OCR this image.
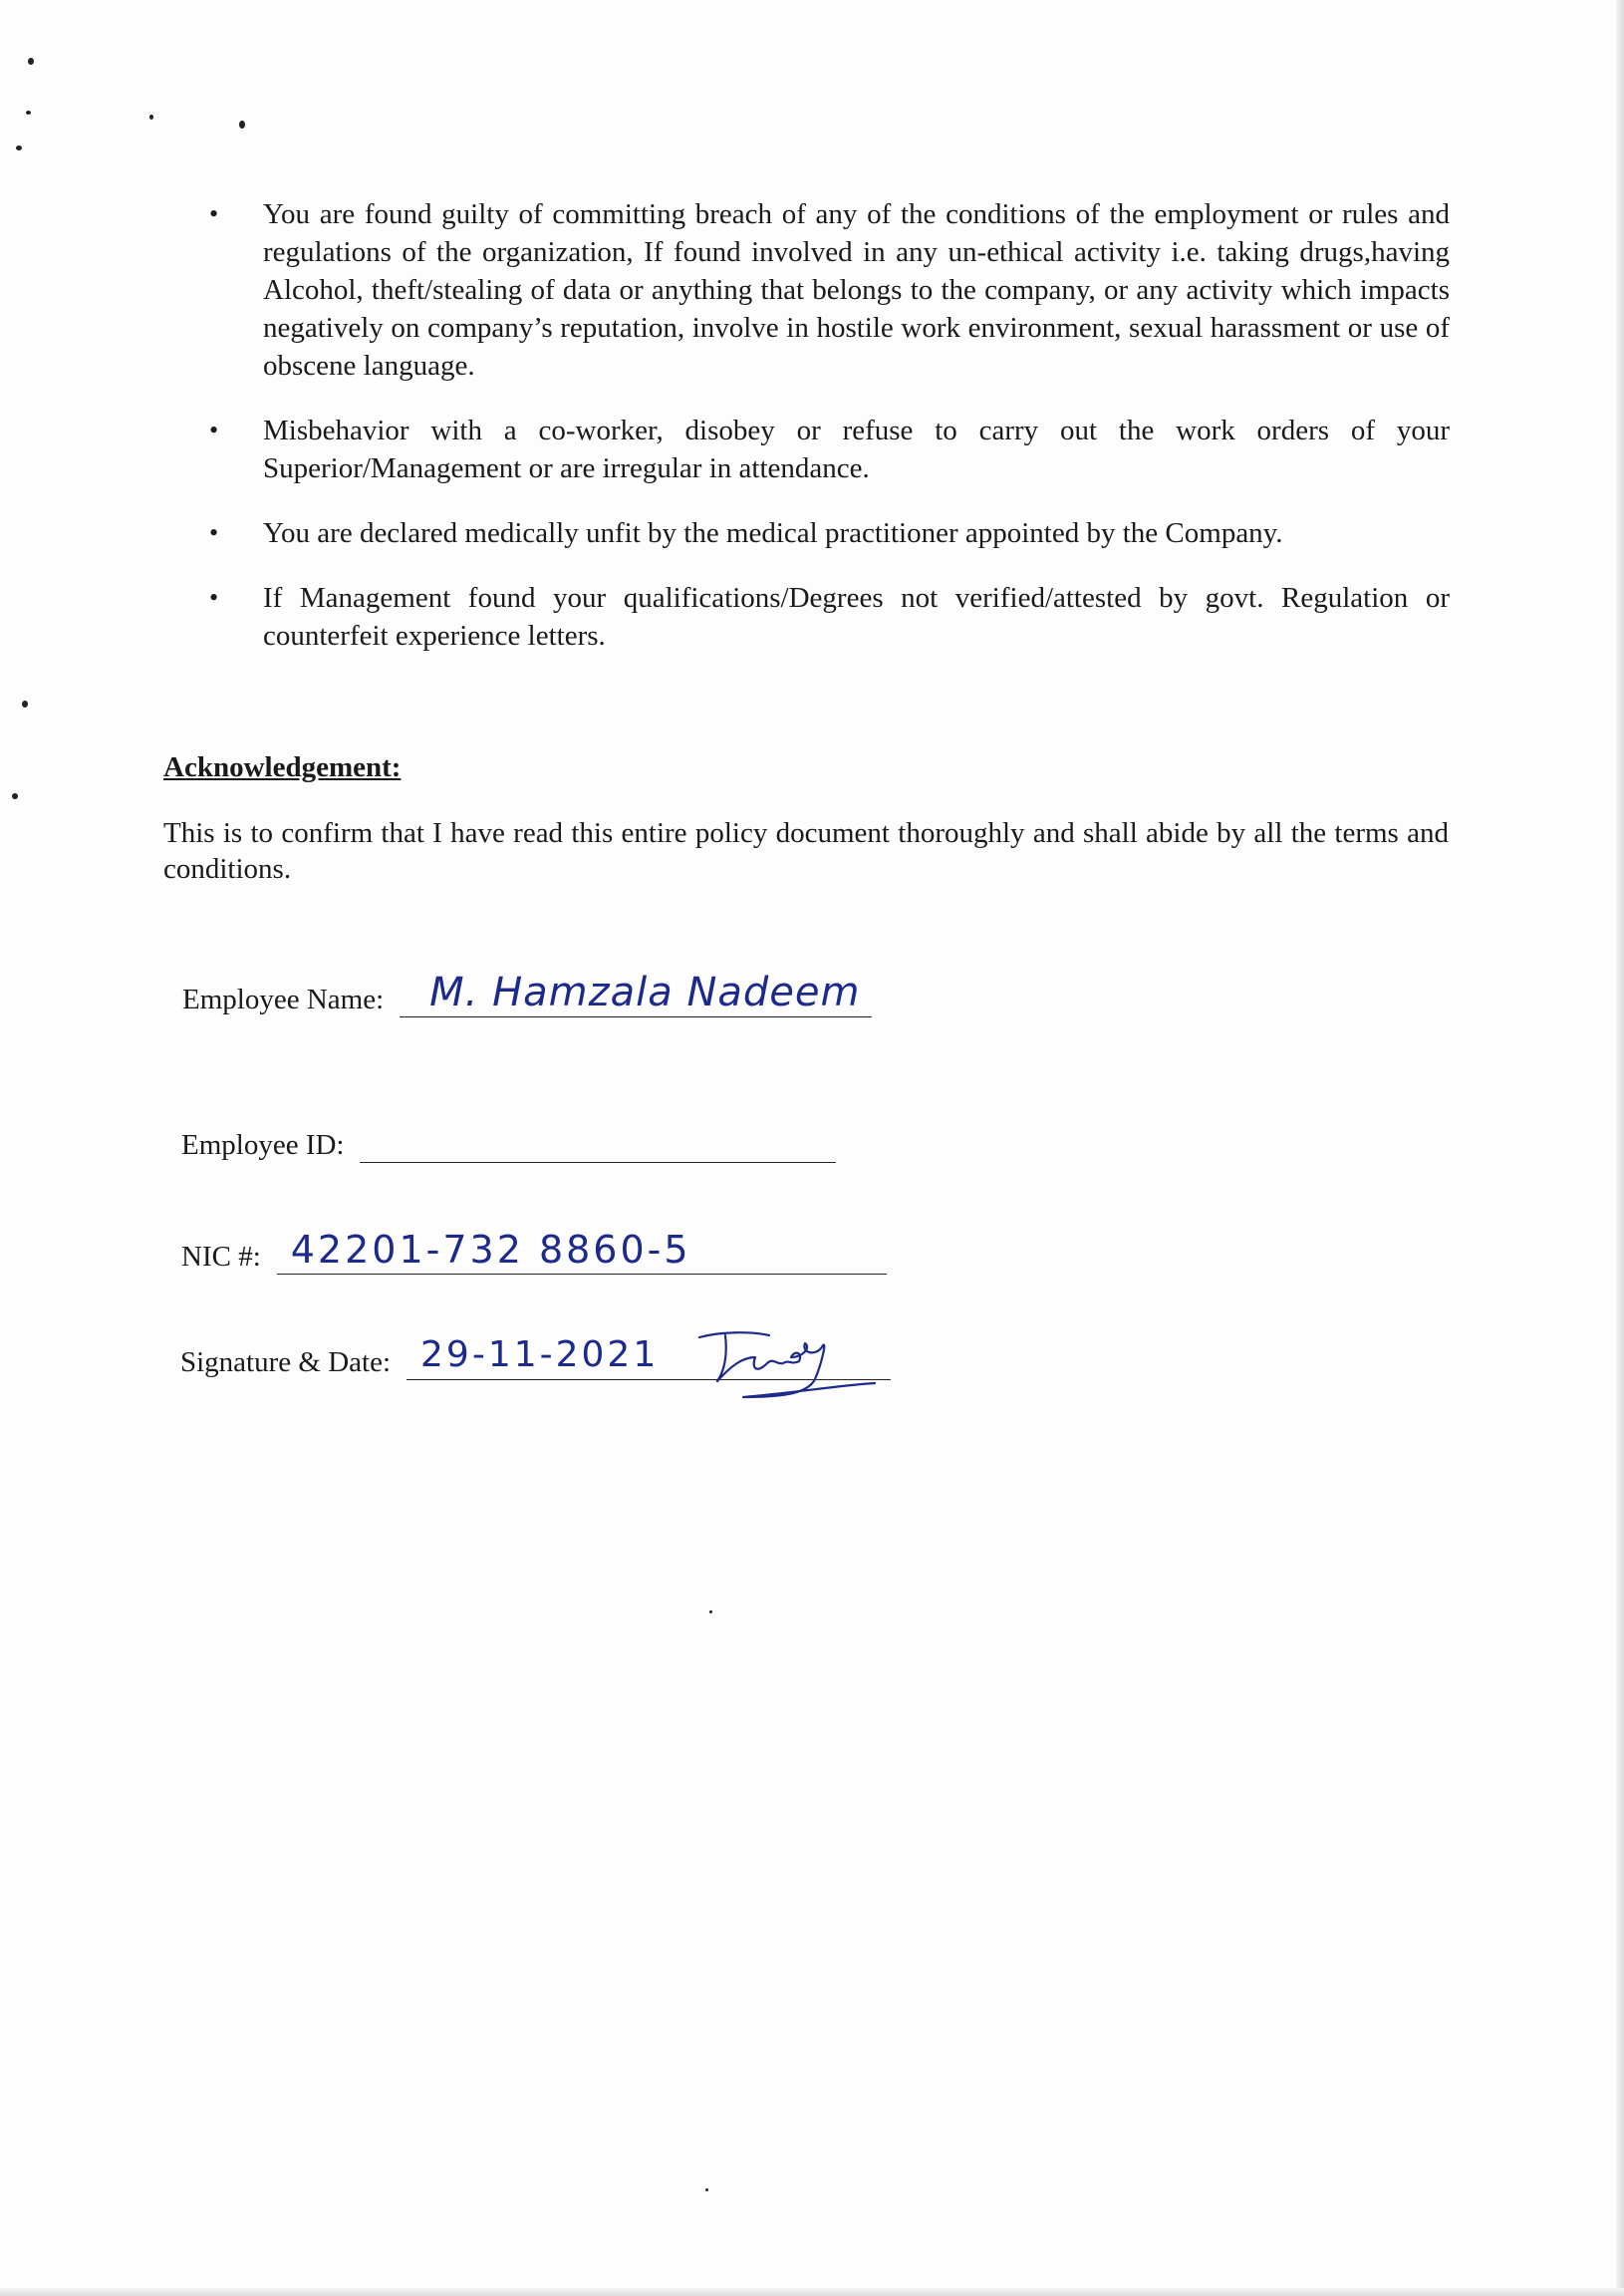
•	You are found guilty of committing breach of any of the conditions of the employment or rules and regulations of the organization, If found involved in any un-ethical activity i.e. taking drugs,having Alcohol, theft/stealing of data or anything that belongs to the company, or any activity which impacts negatively on company’s reputation, involve in hostile work environment, sexual harassment or use of obscene language.
•	Misbehavior with a co-worker, disobey or refuse to carry out the work orders of your Superior/Management or are irregular in attendance.
•	You are declared medically unfit by the medical practitioner appointed by the Company.
•	If Management found your qualifications/Degrees not verified/attested by govt. Regulation or counterfeit experience letters.
Acknowledgement:

This is to confirm that I have read this entire policy document thoroughly and shall abide by all the terms and conditions.

Employee Name: M. Hamzala Nadeem
Employee ID:
NIC #: 42201-732 8860-5
Signature & Date: 29-11-2021
